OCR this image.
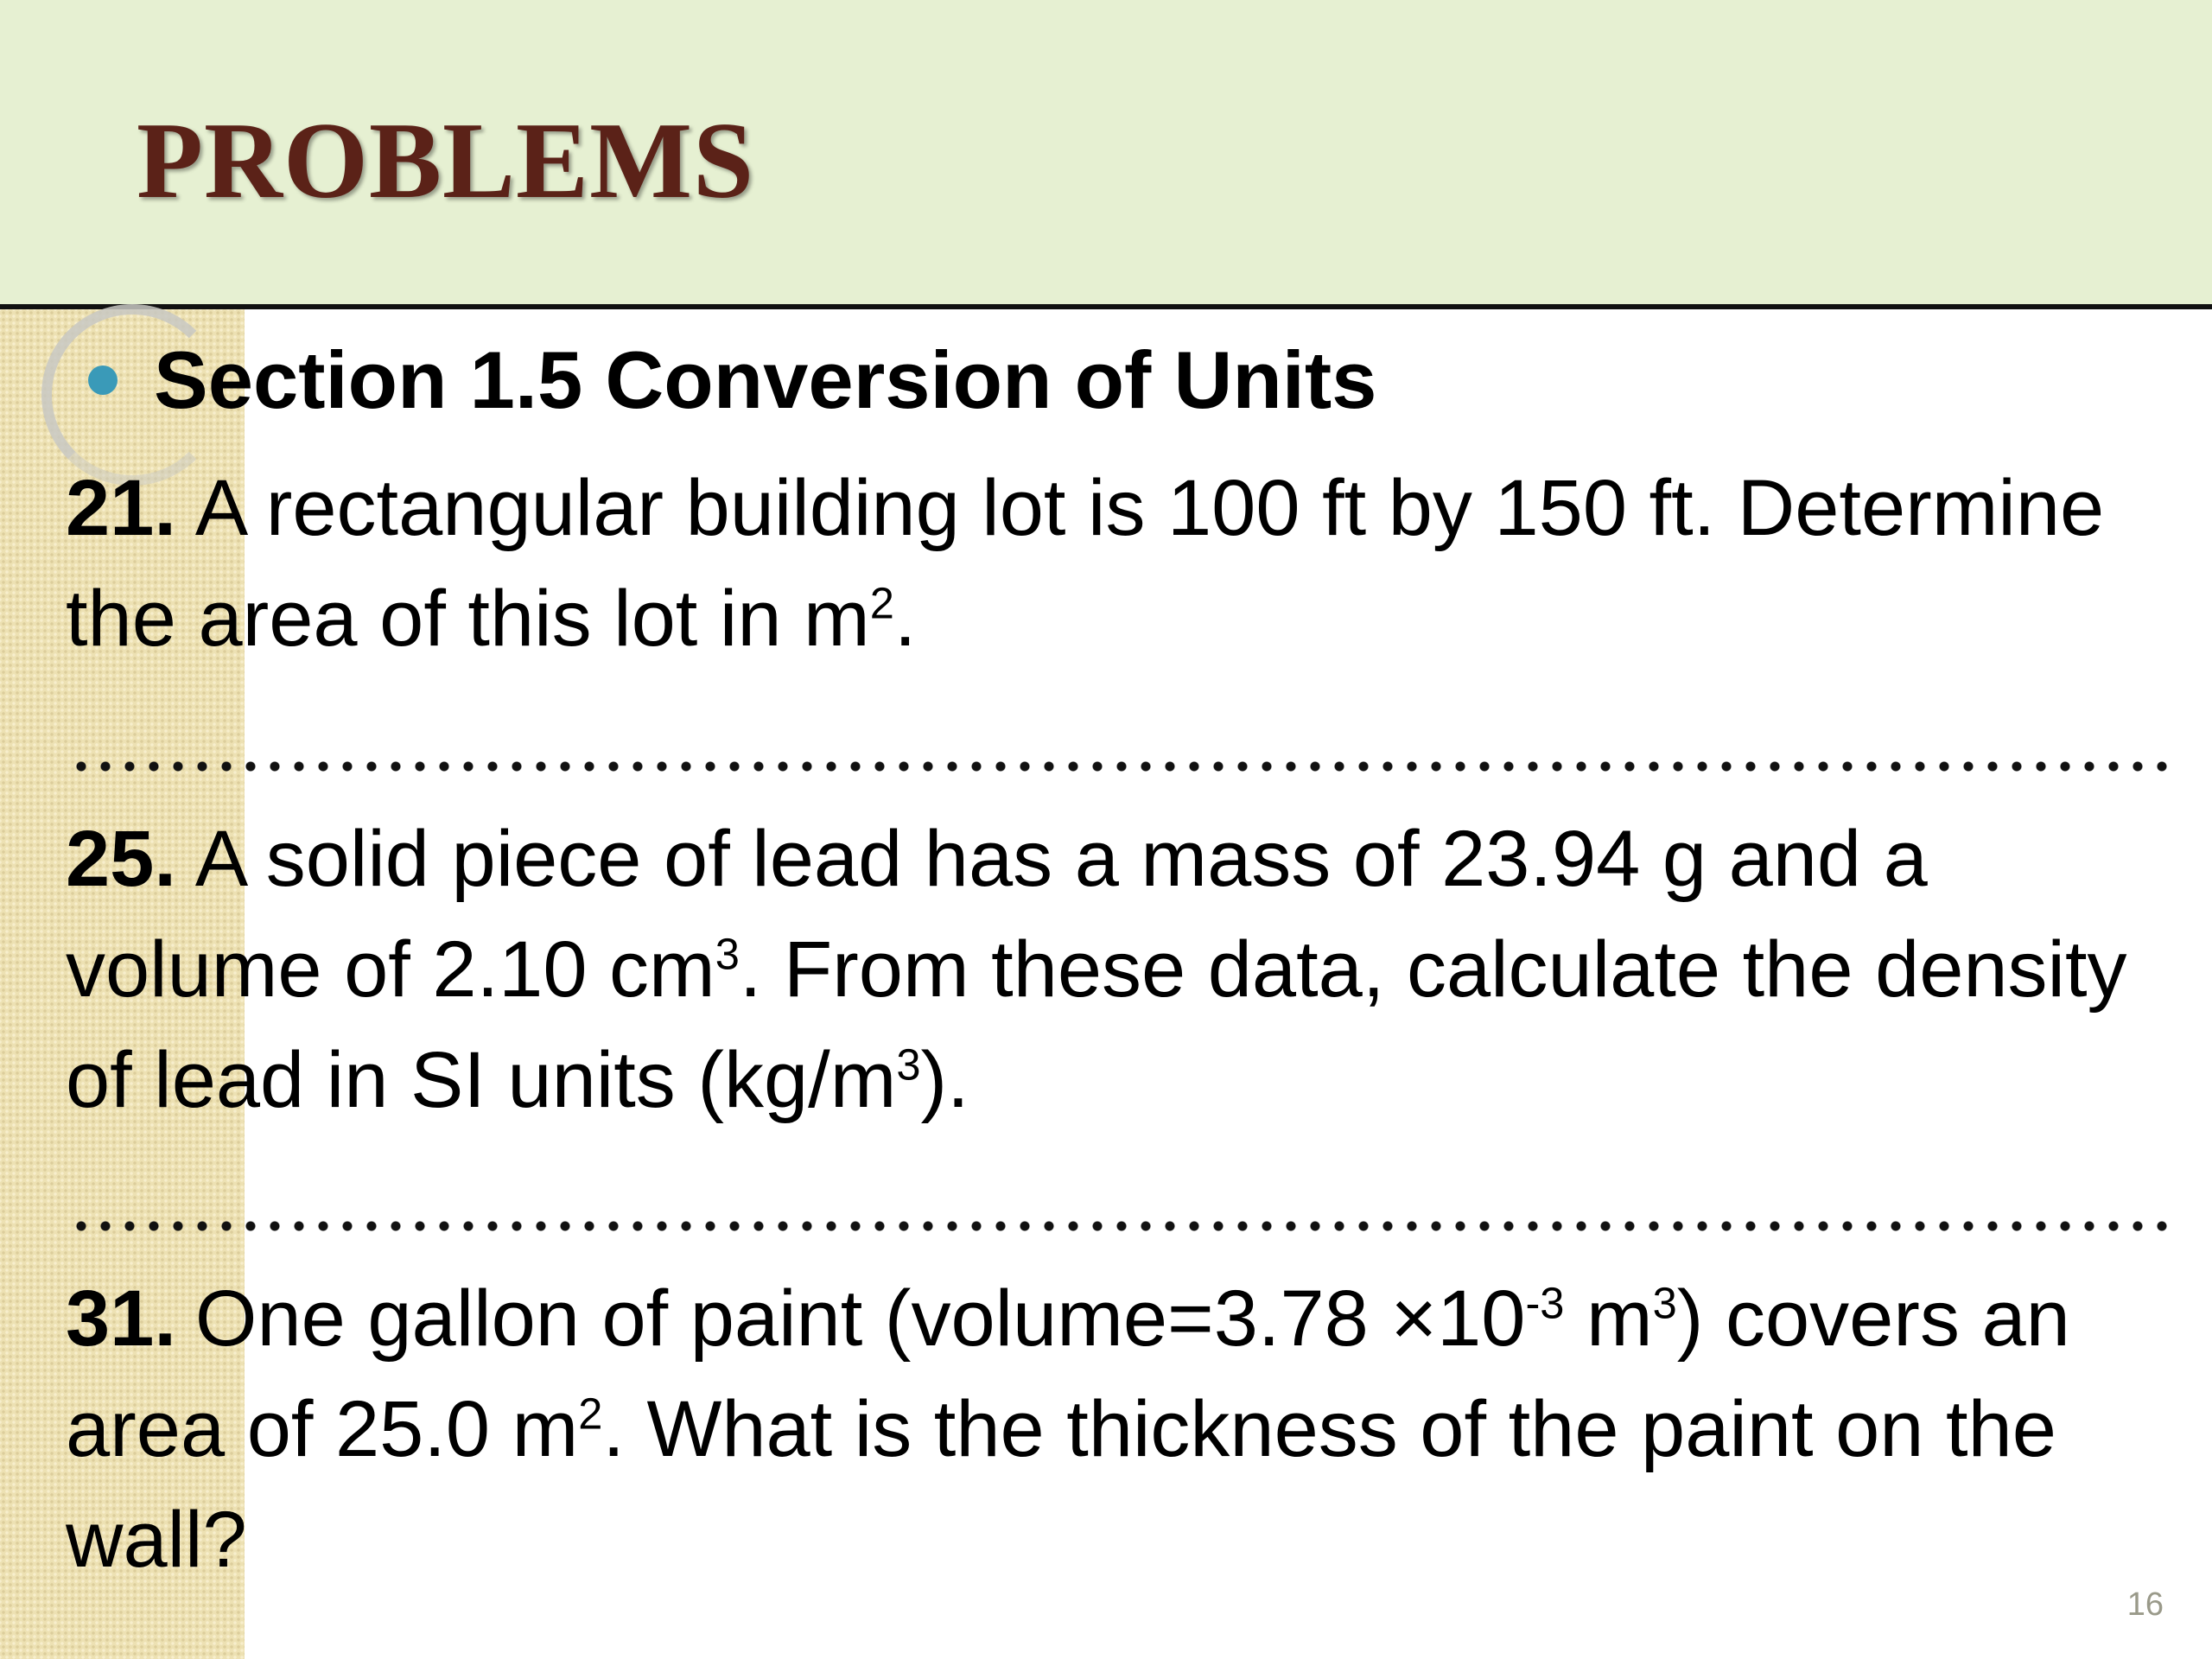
PROBLEMS
Section 1.5 Conversion of Units

21. A rectangular building lot is 100 ft by 150 ft. Determine the area of this lot in $m^2$.

25. A solid piece of lead has a mass of 23.94 g and a volume of 2.10 $cm^3$. From these data, calculate the density of lead in SI units $(kg/m^3)$.

31. One gallon of paint (volume=3.78 $\times 10^{-3}$ $m^3$) covers an area of 25.0 $m^2$. What is the thickness of the paint on the wall?

16
